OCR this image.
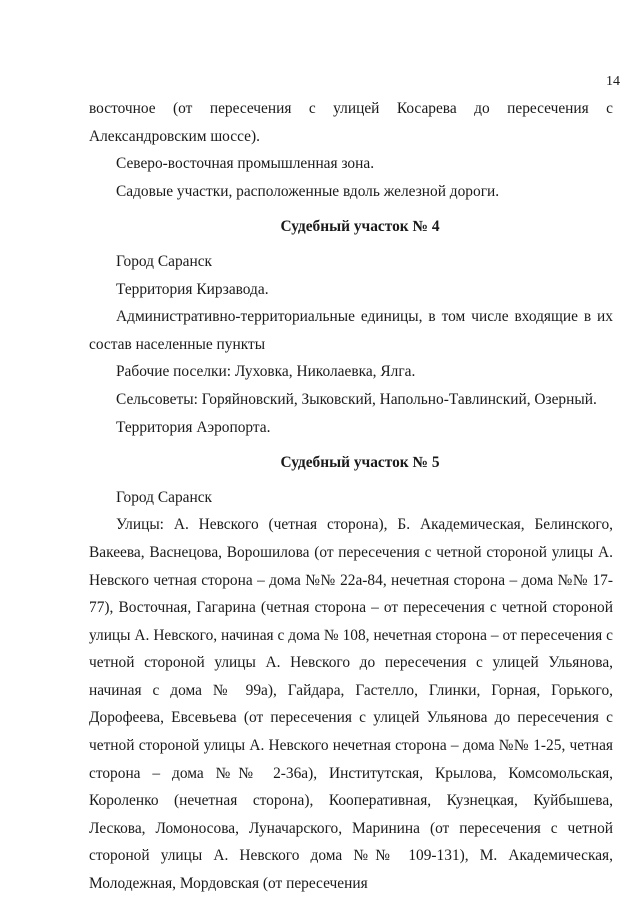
14

восточное (от пересечения с улицей Косарева до пересечения с Александровским шоссе).

Северо-восточная промышленная зона.

Садовые участки, расположенные вдоль железной дороги.

Судебный участок № 4

Город Саранск

Территория Кирзавода.

Административно-территориальные единицы, в том числе входящие в их состав населенные пункты

Рабочие поселки: Луховка, Николаевка, Ялга.

Сельсоветы: Горяйновский, Зыковский, Напольно-Тавлинский, Озерный.

Территория Аэропорта.

Судебный участок № 5

Город Саранск

Улицы: А. Невского (четная сторона), Б. Академическая, Белинского, Вакеева, Васнецова, Ворошилова (от пересечения с четной стороной улицы А. Невского четная сторона – дома №№ 22а-84, нечетная сторона – дома №№ 17-77), Восточная, Гагарина (четная сторона – от пересечения с четной стороной улицы А. Невского, начиная с дома № 108, нечетная сторона – от пересечения с четной стороной улицы А. Невского до пересечения с улицей Ульянова, начиная с дома № 99а), Гайдара, Гастелло, Глинки, Горная, Горького, Дорофеева, Евсевьева (от пересечения с улицей Ульянова до пересечения с четной стороной улицы А. Невского нечетная сторона – дома №№ 1-25, четная сторона – дома №№ 2-36а), Институтская, Крылова, Комсомольская, Короленко (нечетная сторона), Кооперативная, Кузнецкая, Куйбышева, Лескова, Ломоносова, Луначарского, Маринина (от пересечения с четной стороной улицы А. Невского дома №№ 109-131), М. Академическая, Молодежная, Мордовская (от пересечения
